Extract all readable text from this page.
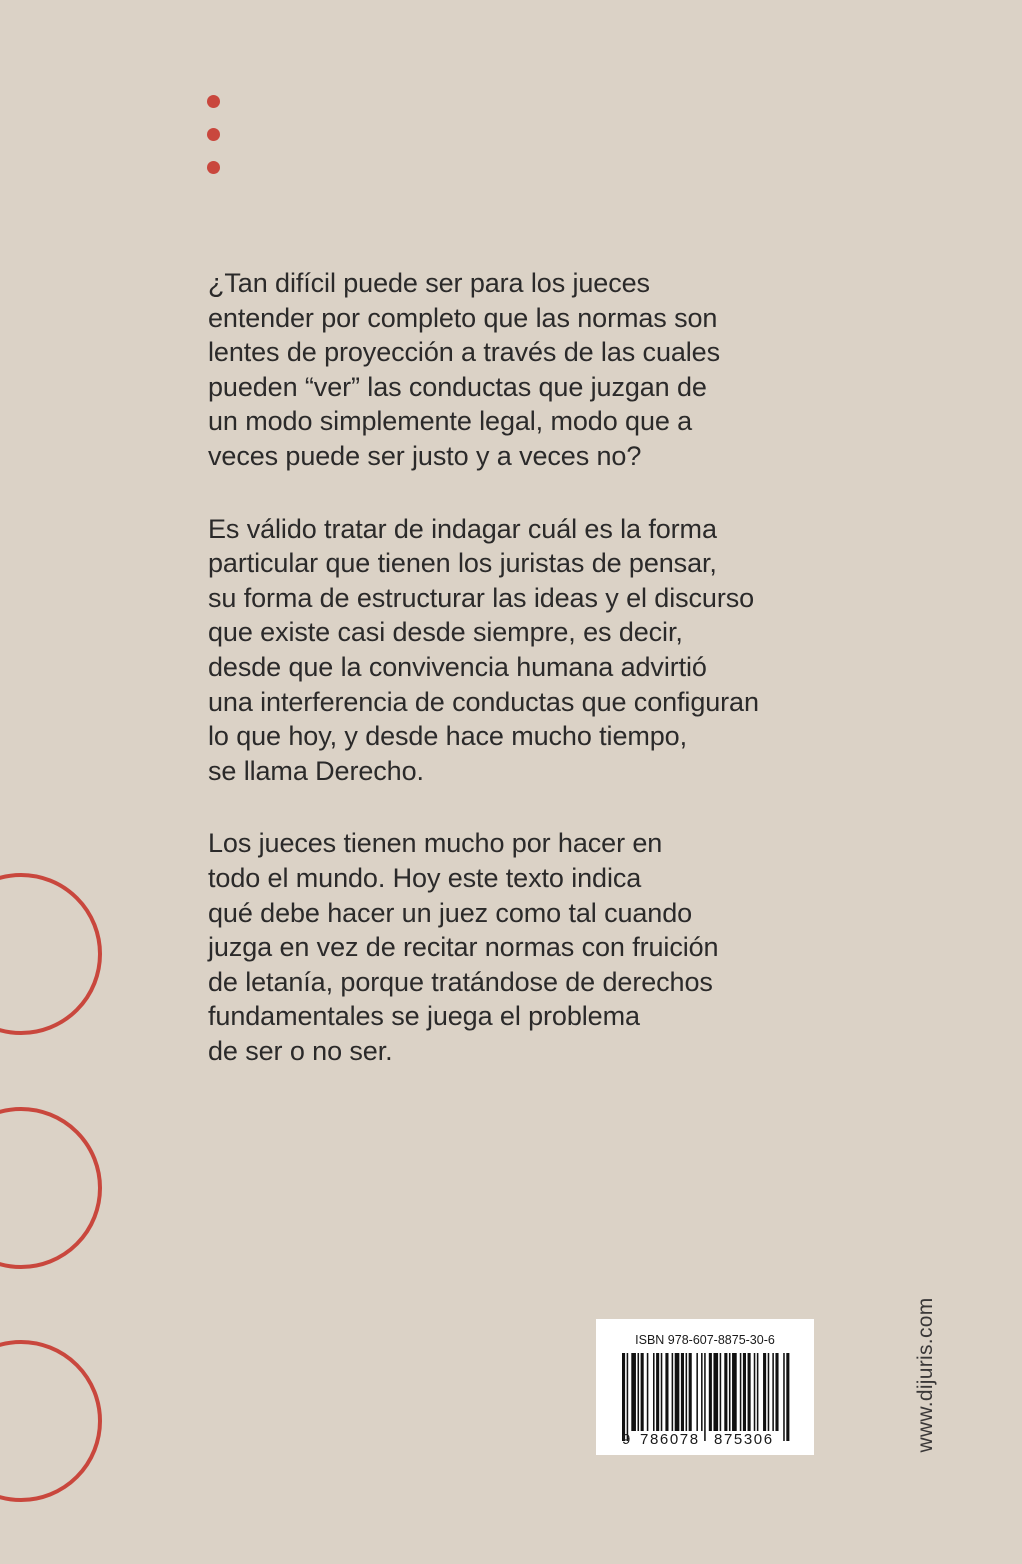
¿Tan difícil puede ser para los jueces
entender por completo que las normas son
lentes de proyección a través de las cuales
pueden “ver” las conductas que juzgan de
un modo simplemente legal, modo que a
veces puede ser justo y a veces no?

Es válido tratar de indagar cuál es la forma
particular que tienen los juristas de pensar,
su forma de estructurar las ideas y el discurso
que existe casi desde siempre, es decir,
desde que la convivencia humana advirtió
una interferencia de conductas que configuran
lo que hoy, y desde hace mucho tiempo,
se llama Derecho.

Los jueces tienen mucho por hacer en
todo el mundo. Hoy este texto indica
qué debe hacer un juez como tal cuando
juzga en vez de recitar normas con fruición
de letanía, porque tratándose de derechos
fundamentales se juega el problema
de ser o no ser.

ISBN 978-607-8875-30-6
9 786078 875306	www.dijuris.com
